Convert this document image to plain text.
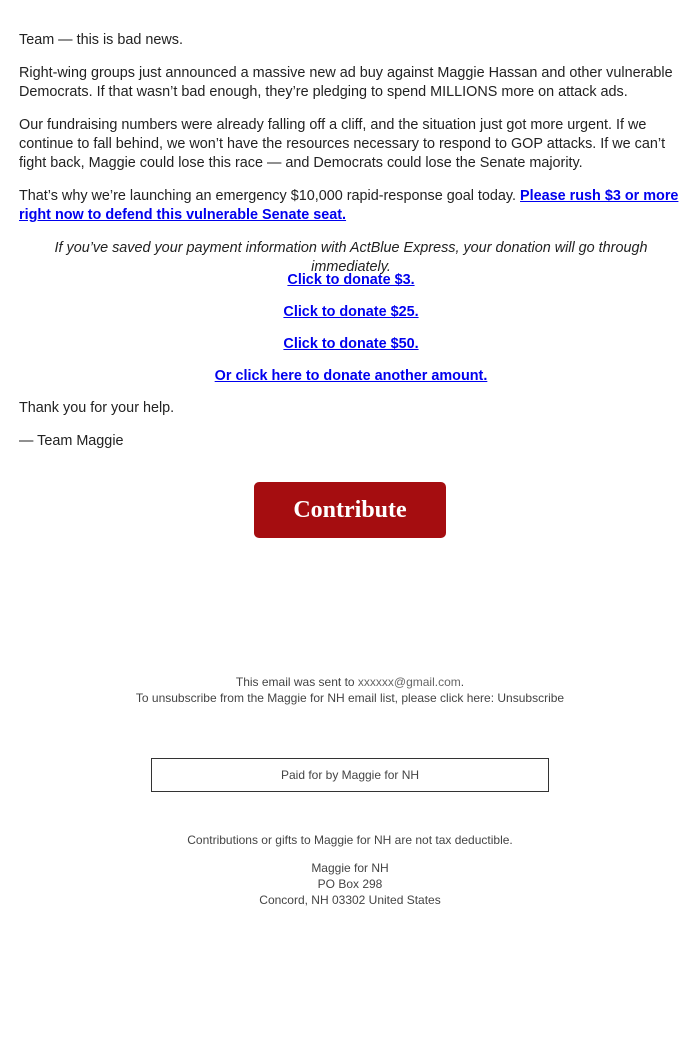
Team — this is bad news.

Right-wing groups just announced a massive new ad buy against Maggie Hassan and other vulnerable Democrats. If that wasn’t bad enough, they’re pledging to spend MILLIONS more on attack ads.

Our fundraising numbers were already falling off a cliff, and the situation just got more urgent. If we continue to fall behind, we won’t have the resources necessary to respond to GOP attacks. If we can’t fight back, Maggie could lose this race — and Democrats could lose the Senate majority.

That’s why we’re launching an emergency $10,000 rapid-response goal today. Please rush $3 or more right now to defend this vulnerable Senate seat.

If you’ve saved your payment information with ActBlue Express, your donation will go through immediately.

Click to donate $3.
Click to donate $25.
Click to donate $50.
Or click here to donate another amount.

Thank you for your help.

— Team Maggie

Contribute
This email was sent to xxxxxx@gmail.com.
To unsubscribe from the Maggie for NH email list, please click here: Unsubscribe
Paid for by Maggie for NH
Contributions or gifts to Maggie for NH are not tax deductible.
Maggie for NH
PO Box 298
Concord, NH 03302 United States
